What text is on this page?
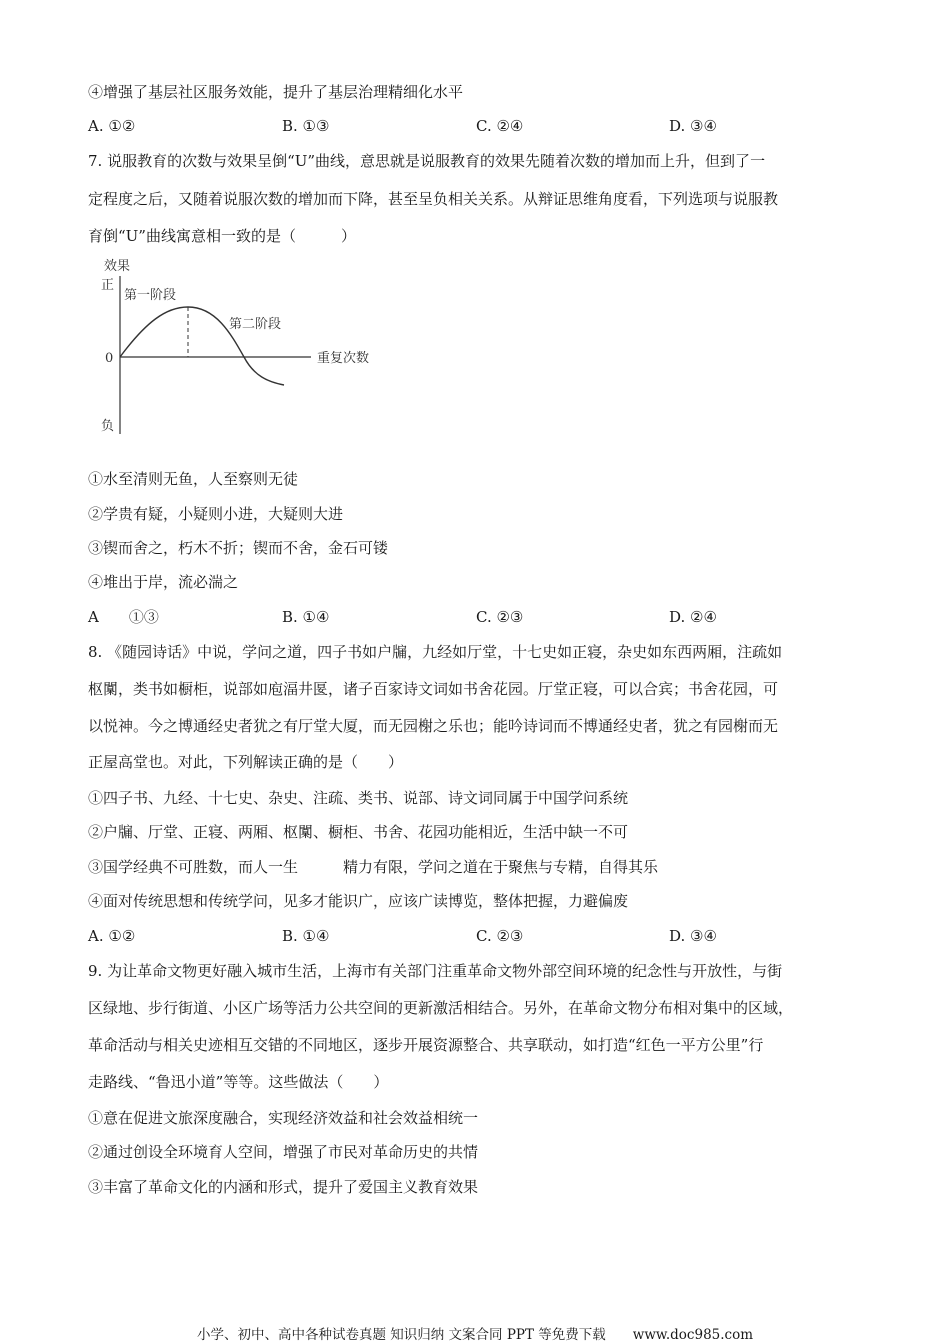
④增强了基层社区服务效能，提升了基层治理精细化水平
A. ①②	B. ①③	C. ②④	D. ③④
7. 说服教育的次数与效果呈倒“U”曲线，意思就是说服教育的效果先随着次数的增加而上升，但到了一
定程度之后，又随着说服次数的增加而下降，甚至呈负相关关系。从辩证思维角度看，下列选项与说服教
育倒“U”曲线寓意相一致的是（　　　）
效果
正
0
负
第一阶段
第二阶段
重复次数
①水至清则无鱼，人至察则无徒
②学贵有疑，小疑则小进，大疑则大进
③锲而舍之，朽木不折；锲而不舍，金石可镂
④堆出于岸，流必湍之
A　　①③	B. ①④	C. ②③	D. ②④
8. 《随园诗话》中说，学问之道，四子书如户牖，九经如厅堂，十七史如正寝，杂史如东西两厢，注疏如
枢闑，类书如橱柜，说部如庖湢井匽，诸子百家诗文词如书舍花园。厅堂正寝，可以合宾；书舍花园，可
以悦神。今之博通经史者犹之有厅堂大厦，而无园榭之乐也；能吟诗词而不博通经史者，犹之有园榭而无
正屋高堂也。对此，下列解读正确的是（　　）
①四子书、九经、十七史、杂史、注疏、类书、说部、诗文词同属于中国学问系统
②户牖、厅堂、正寝、两厢、枢闑、橱柜、书舍、花园功能相近，生活中缺一不可
③国学经典不可胜数，而人一生　　　精力有限，学问之道在于聚焦与专精，自得其乐
④面对传统思想和传统学问，见多才能识广，应该广读博览，整体把握，力避偏废
A. ①②	B. ①④	C. ②③	D. ③④
9. 为让革命文物更好融入城市生活，上海市有关部门注重革命文物外部空间环境的纪念性与开放性，与街
区绿地、步行街道、小区广场等活力公共空间的更新激活相结合。另外，在革命文物分布相对集中的区域，
革命活动与相关史迹相互交错的不同地区，逐步开展资源整合、共享联动，如打造“红色一平方公里”行
走路线、“鲁迅小道”等等。这些做法（　　）
①意在促进文旅深度融合，实现经济效益和社会效益相统一
②通过创设全环境育人空间，增强了市民对革命历史的共情
③丰富了革命文化的内涵和形式，提升了爱国主义教育效果
小学、初中、高中各种试卷真题 知识归纳 文案合同 PPT 等免费下载　　www.doc985.com
